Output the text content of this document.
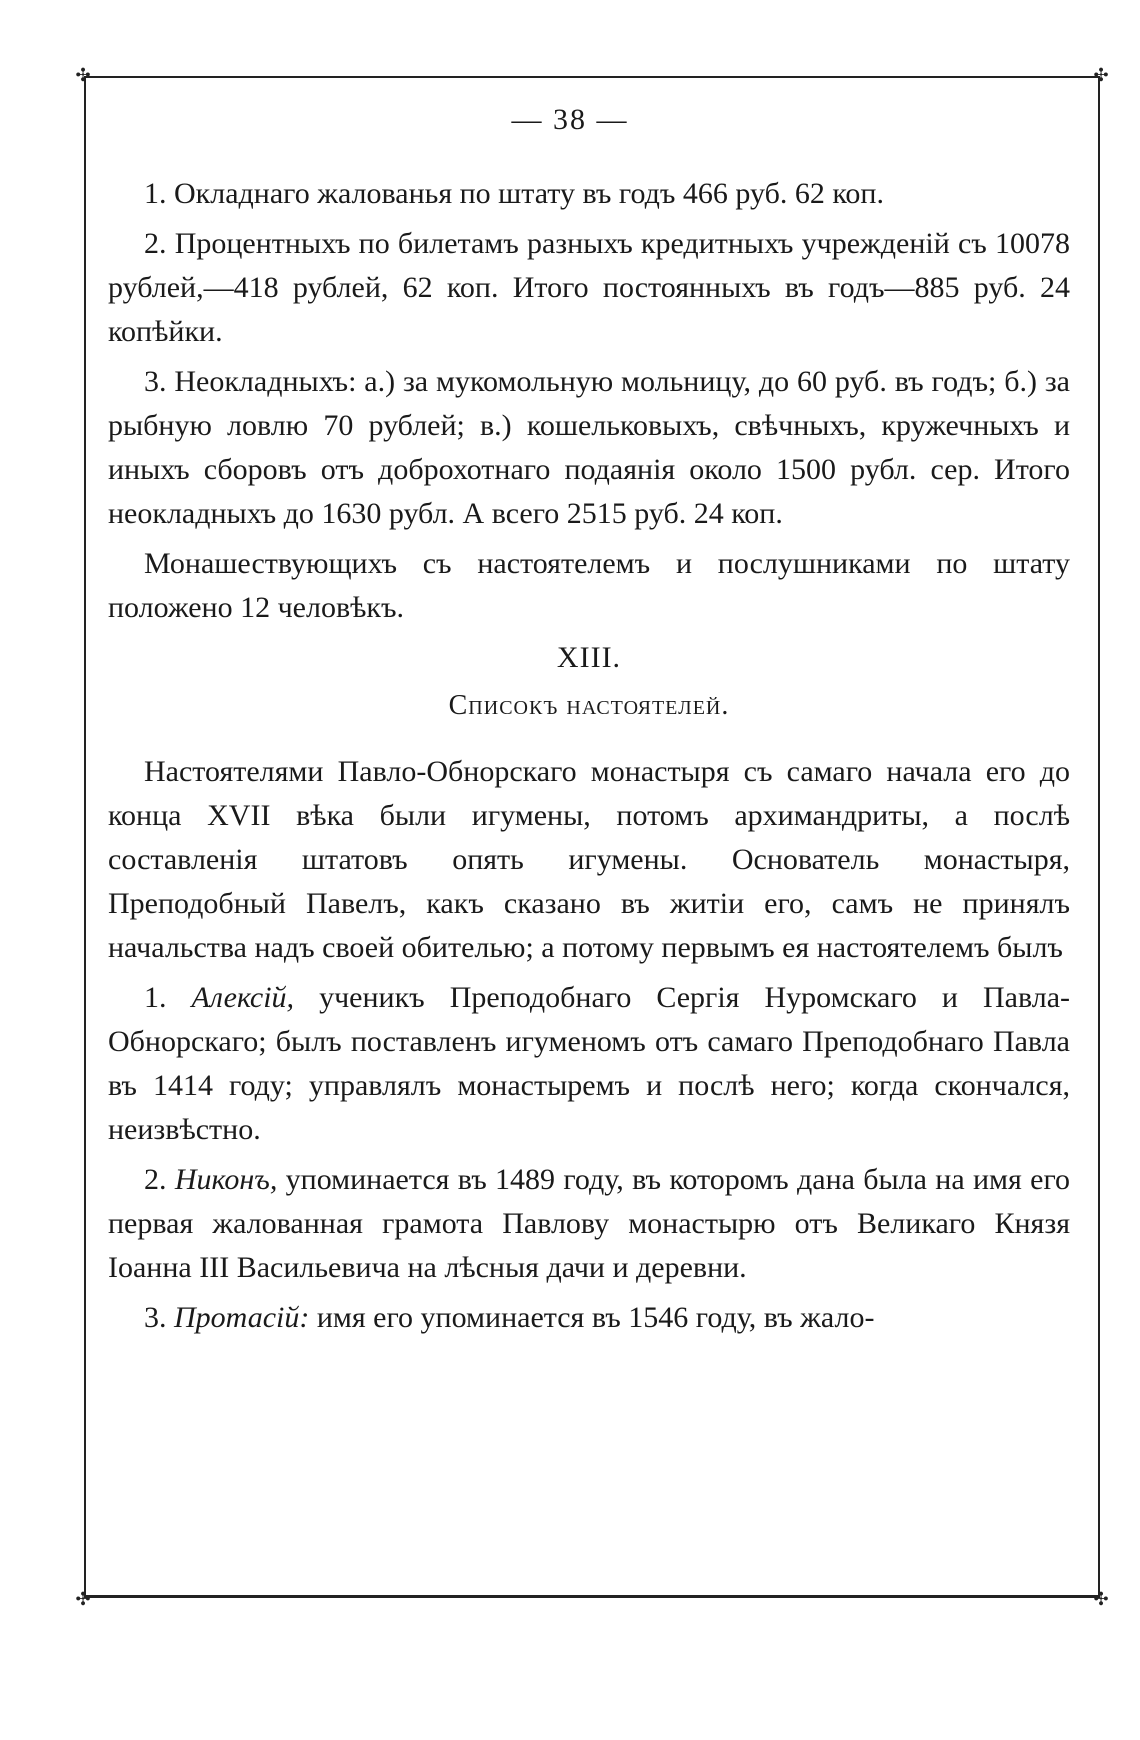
✣	✣
✣	✣
— 38 —

1. Окладнаго жалованья по штату въ годъ 466 руб. 62 коп.

2. Процентныхъ по билетамъ разныхъ кредитныхъ учрежденій съ 10078 рублей,—418 рублей, 62 коп. Итого постоянныхъ въ годъ—885 руб. 24 копѣйки.

3. Неокладныхъ: а.) за мукомольную мольницу, до 60 руб. въ годъ; б.) за рыбную ловлю 70 рублей; в.) кошельковыхъ, свѣчныхъ, кружечныхъ и иныхъ сборовъ отъ доброхотнаго подаянія около 1500 рубл. сер. Итого неокладныхъ до 1630 рубл. А всего 2515 руб. 24 коп.

Монашествующихъ съ настоятелемъ и послушниками по штату положено 12 человѣкъ.

XIII.
Списокъ настоятелей.

Настоятелями Павло-Обнорскаго монастыря съ самаго начала его до конца XVII вѣка были игумены, потомъ архимандриты, а послѣ составленія штатовъ опять игумены. Основатель монастыря, Преподобный Павелъ, какъ сказано въ житіи его, самъ не принялъ начальства надъ своей обителью; а потому первымъ ея настоятелемъ былъ

1. Алексій, ученикъ Преподобнаго Сергія Нуромскаго и Павла-Обнорскаго; былъ поставленъ игуменомъ отъ самаго Преподобнаго Павла въ 1414 году; управлялъ монастыремъ и послѣ него; когда скончался, неизвѣстно.

2. Никонъ, упоминается въ 1489 году, въ которомъ дана была на имя его первая жалованная грамота Павлову монастырю отъ Великаго Князя Іоанна III Васильевича на лѣсныя дачи и деревни.

3. Протасій: имя его упоминается въ 1546 году, въ жало-
